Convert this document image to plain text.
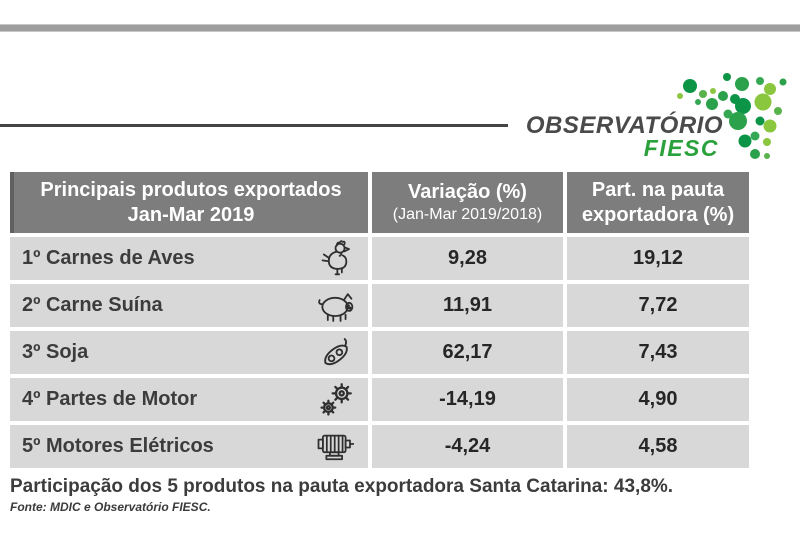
OBSERVATÓRIO
FIESC
Principais produtos exportados
Jan-Mar 2019
Variação (%)
(Jan-Mar 2019/2018)
Part. na pauta
exportadora (%)
1º Carnes de Aves	9,28	19,12
2º Carne Suína	11,91	7,72
3º Soja	62,17	7,43
4º Partes de Motor	-14,19	4,90
5º Motores Elétricos	-4,24	4,58
Participação dos 5 produtos na pauta exportadora Santa Catarina: 43,8%.
Fonte: MDIC e Observatório FIESC.
